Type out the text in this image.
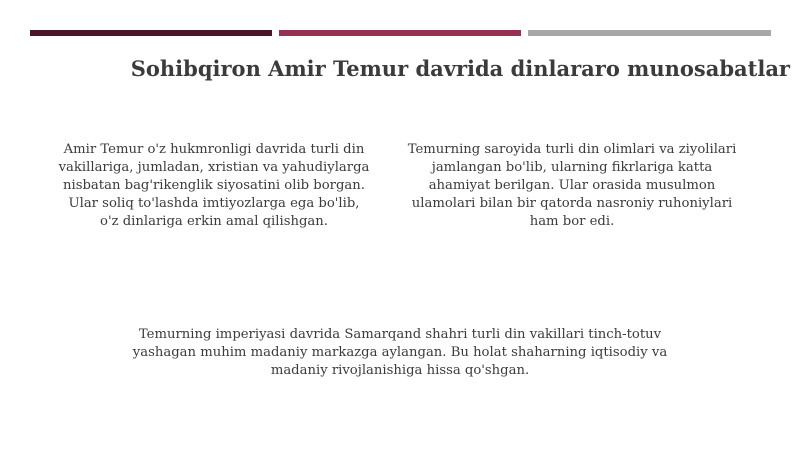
Sohibqiron Amir Temur davrida dinlararo munosabatlar
Amir Temur o'z hukmronligi davrida turli din vakillariga, jumladan, xristian va yahudiylarga nisbatan bag'rikenglik siyosatini olib borgan. Ular soliq to'lashda imtiyozlarga ega bo'lib, o'z dinlariga erkin amal qilishgan.
Temurning saroyida turli din olimlari va ziyolilari jamlangan bo'lib, ularning fikrlariga katta ahamiyat berilgan. Ular orasida musulmon ulamolari bilan bir qatorda nasroniy ruhoniylari ham bor edi.
Temurning imperiyasi davrida Samarqand shahri turli din vakillari tinch-totuv yashagan muhim madaniy markazga aylangan. Bu holat shaharning iqtisodiy va madaniy rivojlanishiga hissa qo'shgan.
